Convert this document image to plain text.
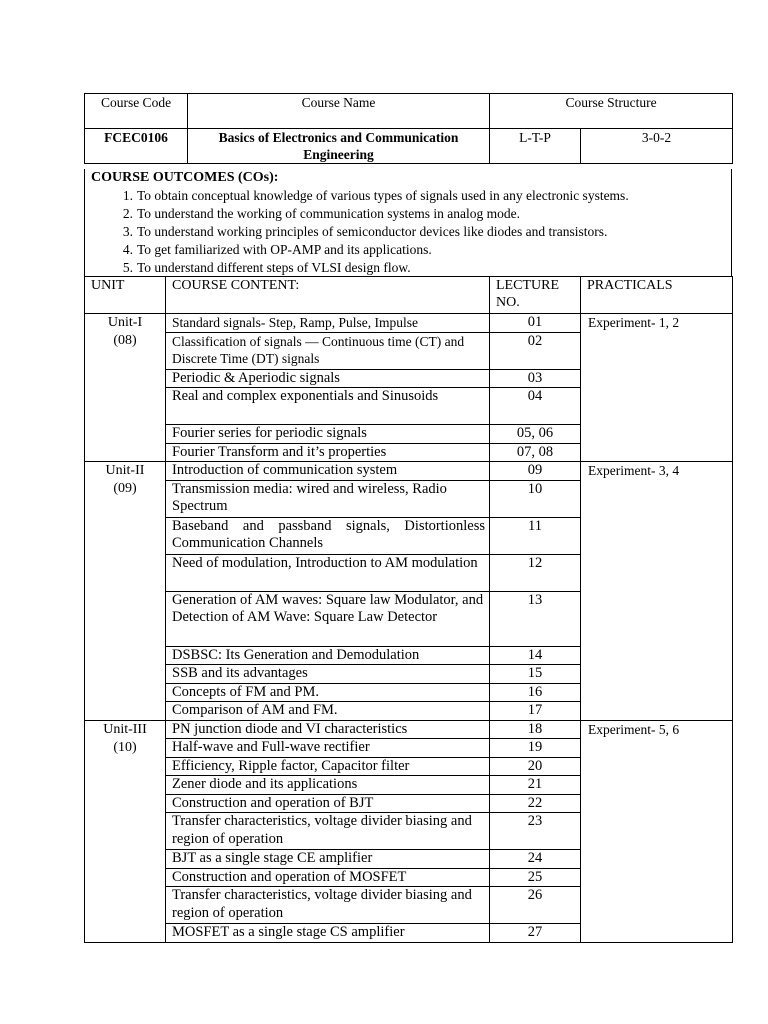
Course Code	Course Name	Course Structure	
FCEC0106	Basics of Electronics and Communication Engineering	L-T-P	3-0-2
COURSE OUTCOMES (COs):
1. To obtain conceptual knowledge of various types of signals used in any electronic systems.
2. To understand the working of communication systems in analog mode.
3. To understand working principles of semiconductor devices like diodes and transistors.
4. To get familiarized with OP-AMP and its applications.
5. To understand different steps of VLSI design flow.
UNIT	COURSE CONTENT:	LECTURE NO.	PRACTICALS

Unit-I
(08)	Standard signals- Step, Ramp, Pulse, Impulse	01	Experiment- 1, 2
	Classification of signals — Continuous time (CT) and Discrete Time (DT) signals	02	
	Periodic & Aperiodic signals	03	
	Real and complex exponentials and Sinusoids	04	
	Fourier series for periodic signals	05, 06	
	Fourier Transform and it’s properties	07, 08	

Unit-II
(09)	Introduction of communication system	09	Experiment- 3, 4
	Transmission media: wired and wireless, Radio Spectrum	10	
	Baseband and passband signals, Distortionless Communication Channels	11	
	Need of modulation, Introduction to AM modulation	12	
	Generation of AM waves: Square law Modulator, and Detection of AM Wave: Square Law Detector	13	
	DSBSC: Its Generation and Demodulation	14	
	SSB and its advantages	15	
	Concepts of FM and PM.	16	
	Comparison of AM and FM.	17	

Unit-III
(10)	PN junction diode and VI characteristics	18	Experiment- 5, 6
	Half-wave and Full-wave rectifier	19	
	Efficiency, Ripple factor, Capacitor filter	20	
	Zener diode and its applications	21	
	Construction and operation of BJT	22	
	Transfer characteristics, voltage divider biasing and region of operation	23	
	BJT as a single stage CE amplifier	24	
	Construction and operation of MOSFET	25	
	Transfer characteristics, voltage divider biasing and region of operation	26	
	MOSFET as a single stage CS amplifier	27	
